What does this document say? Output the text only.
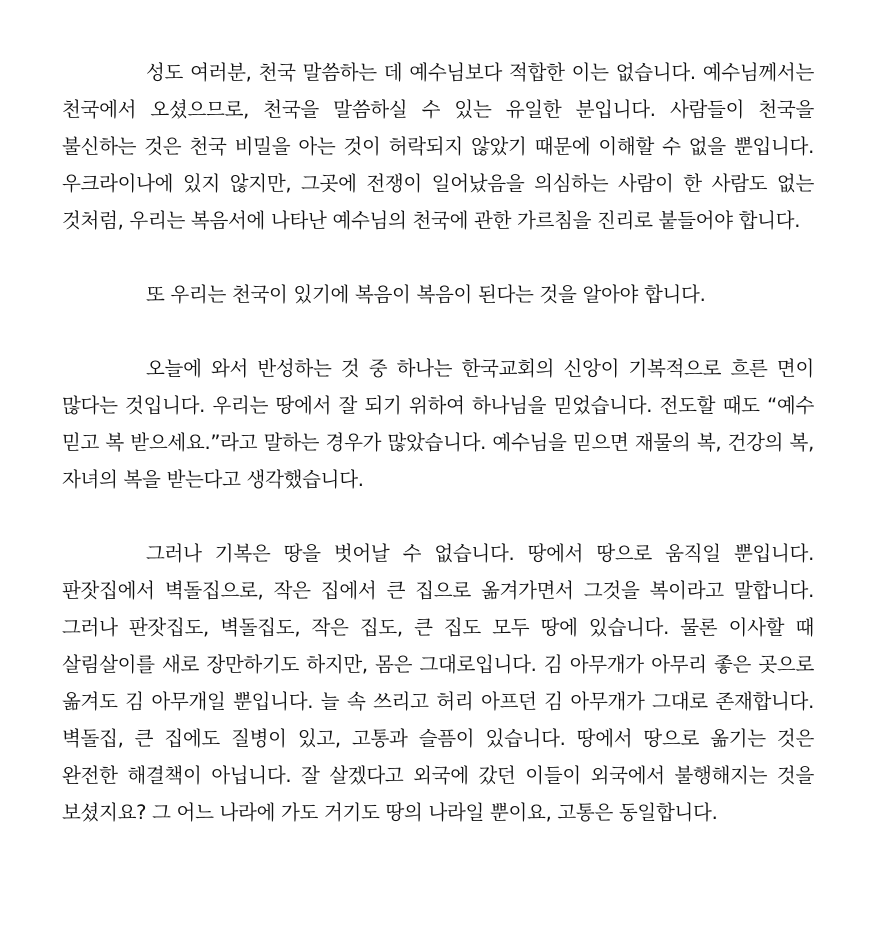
성도 여러분, 천국 말씀하는 데 예수님보다 적합한 이는 없습니다. 예수님께서는 천국에서 오셨으므로, 천국을 말씀하실 수 있는 유일한 분입니다. 사람들이 천국을 불신하는 것은 천국 비밀을 아는 것이 허락되지 않았기 때문에 이해할 수 없을 뿐입니다. 우크라이나에 있지 않지만, 그곳에 전쟁이 일어났음을 의심하는 사람이 한 사람도 없는 것처럼, 우리는 복음서에 나타난 예수님의 천국에 관한 가르침을 진리로 붙들어야 합니다.

또 우리는 천국이 있기에 복음이 복음이 된다는 것을 알아야 합니다.

오늘에 와서 반성하는 것 중 하나는 한국교회의 신앙이 기복적으로 흐른 면이 많다는 것입니다. 우리는 땅에서 잘 되기 위하여 하나님을 믿었습니다. 전도할 때도 “예수 믿고 복 받으세요.”라고 말하는 경우가 많았습니다. 예수님을 믿으면 재물의 복, 건강의 복, 자녀의 복을 받는다고 생각했습니다.

그러나 기복은 땅을 벗어날 수 없습니다. 땅에서 땅으로 움직일 뿐입니다. 판잣집에서 벽돌집으로, 작은 집에서 큰 집으로 옮겨가면서 그것을 복이라고 말합니다. 그러나 판잣집도, 벽돌집도, 작은 집도, 큰 집도 모두 땅에 있습니다. 물론 이사할 때 살림살이를 새로 장만하기도 하지만, 몸은 그대로입니다. 김 아무개가 아무리 좋은 곳으로 옮겨도 김 아무개일 뿐입니다. 늘 속 쓰리고 허리 아프던 김 아무개가 그대로 존재합니다. 벽돌집, 큰 집에도 질병이 있고, 고통과 슬픔이 있습니다. 땅에서 땅으로 옮기는 것은 완전한 해결책이 아닙니다. 잘 살겠다고 외국에 갔던 이들이 외국에서 불행해지는 것을 보셨지요? 그 어느 나라에 가도 거기도 땅의 나라일 뿐이요, 고통은 동일합니다.
